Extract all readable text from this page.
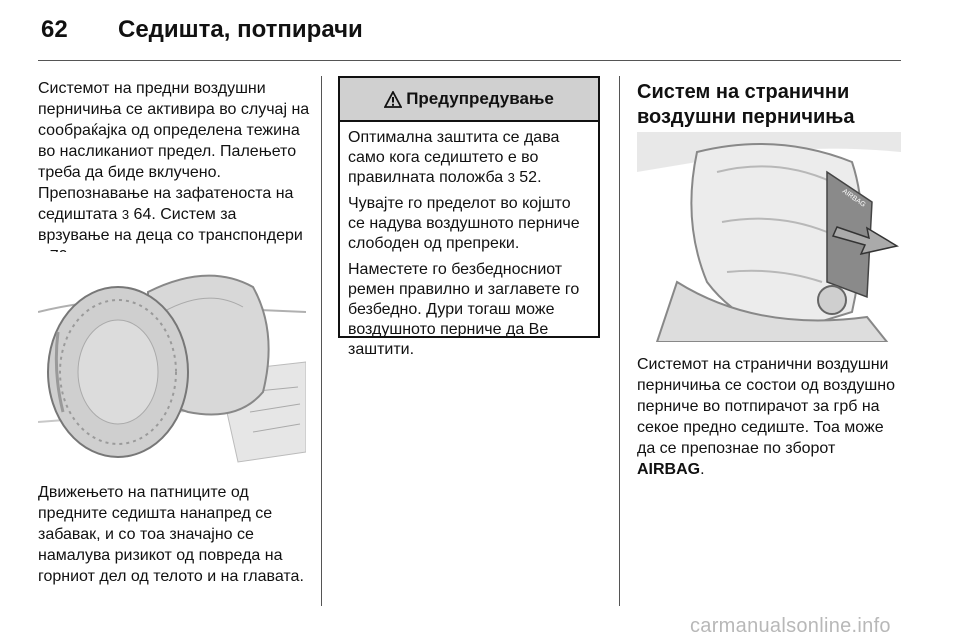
62 Седишта, потпирачи

Системот на предни воздушни перничиња се активира во случај на сообраќајка од определена тежина во насликаниот предел. Палењето треба да биде вклучено.

Препознавање на зафатеноста на седиштата 3 64. Систем за врзување на деца со транспондери

Движењето на патниците од предните седишта нанапред се забавак, и со тоа значајно се намалува ризикот од повреда на горниот дел од телото и на главата.

Предупредување

Оптимална заштита се дава само кога седиштето е во правилната положба 3 52.

Чувајте го пределот во којшто се надува воздушното перниче слободен од препреки.

Наместете го безбедносниот ремен правилно и заглавете го безбедно. Дури тогаш може воздушното перниче да Ве заштити.

Систем на странични воздушни перничиња
AIRBAG

Системот на странични воздушни перничиња се состои од воздушно перниче во потпирачот за грб на секое предно седиште. Тоа може да се препознае по зборот AIRBAG.

carmanualsonline.info
